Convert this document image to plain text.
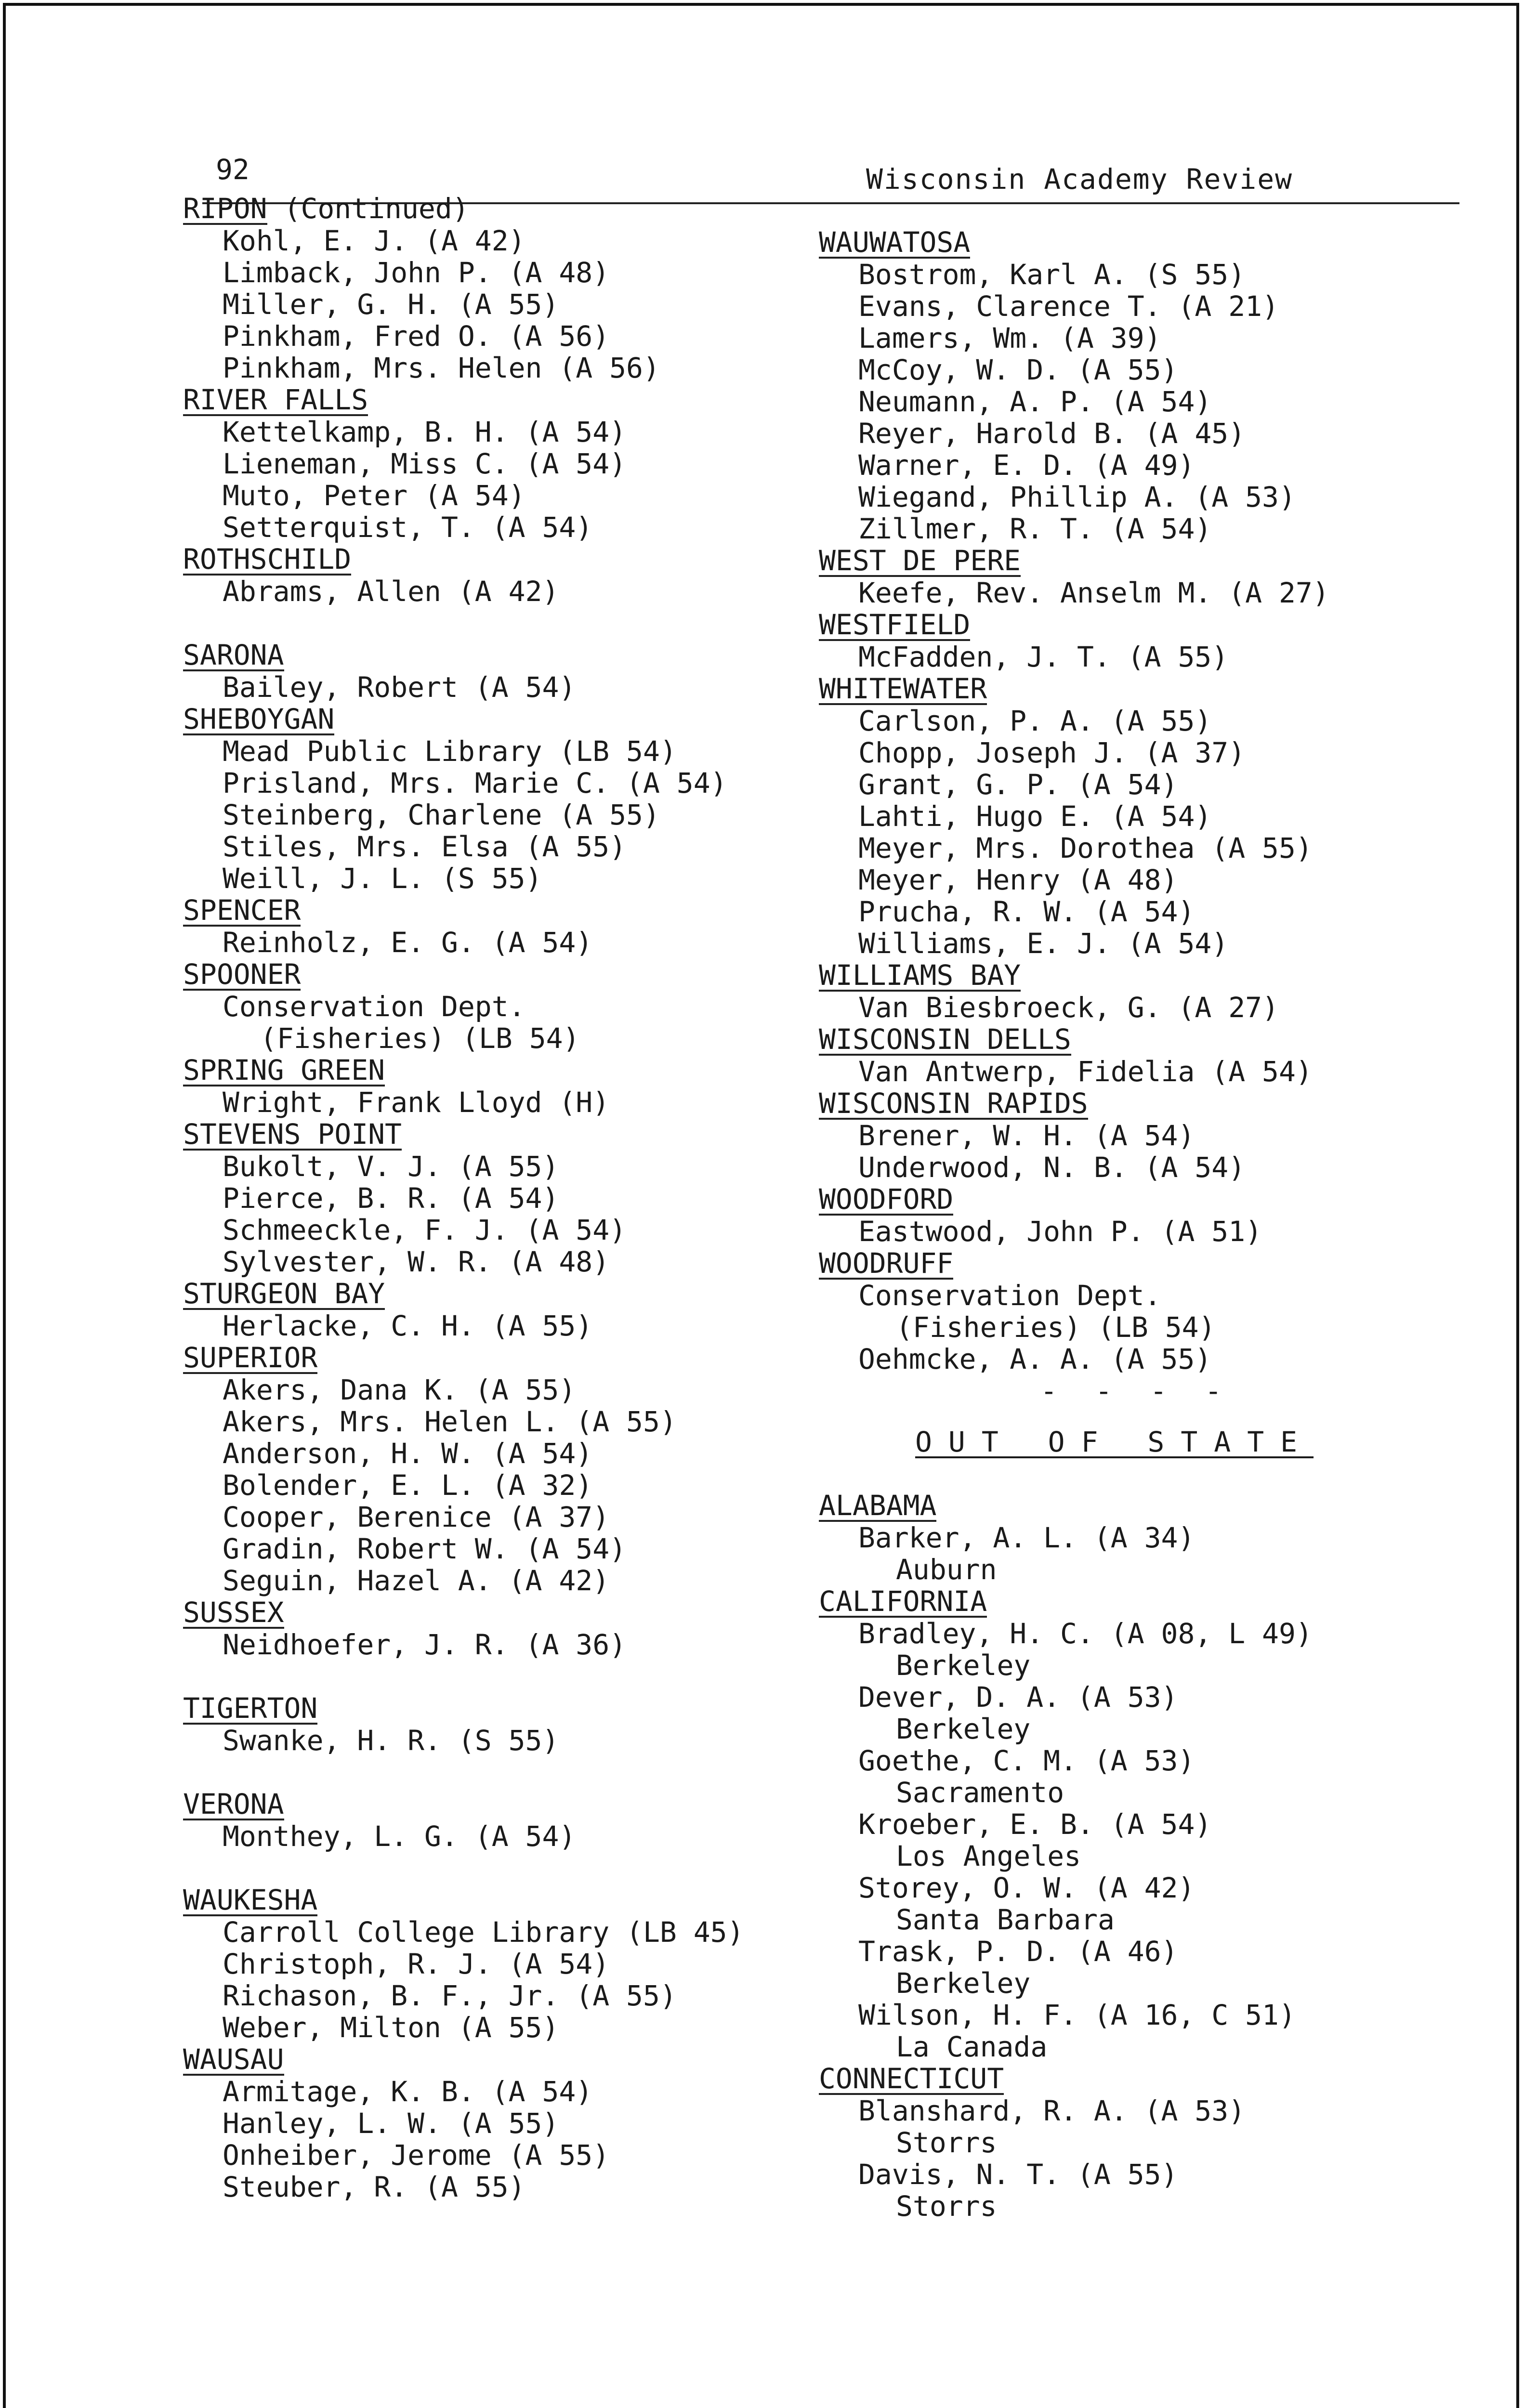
92	Wisconsin Academy Review
RIPON (Continued)
Kohl, E. J. (A 42)
Limback, John P. (A 48)
Miller, G. H. (A 55)
Pinkham, Fred O. (A 56)
Pinkham, Mrs. Helen (A 56)
RIVER FALLS
Kettelkamp, B. H. (A 54)
Lieneman, Miss C. (A 54)
Muto, Peter (A 54)
Setterquist, T. (A 54)
ROTHSCHILD
Abrams, Allen (A 42)
SARONA
Bailey, Robert (A 54)
SHEBOYGAN
Mead Public Library (LB 54)
Prisland, Mrs. Marie C. (A 54)
Steinberg, Charlene (A 55)
Stiles, Mrs. Elsa (A 55)
Weill, J. L. (S 55)
SPENCER
Reinholz, E. G. (A 54)
SPOONER
Conservation Dept.
(Fisheries) (LB 54)
SPRING GREEN
Wright, Frank Lloyd (H)
STEVENS POINT
Bukolt, V. J. (A 55)
Pierce, B. R. (A 54)
Schmeeckle, F. J. (A 54)
Sylvester, W. R. (A 48)
STURGEON BAY
Herlacke, C. H. (A 55)
SUPERIOR
Akers, Dana K. (A 55)
Akers, Mrs. Helen L. (A 55)
Anderson, H. W. (A 54)
Bolender, E. L. (A 32)
Cooper, Berenice (A 37)
Gradin, Robert W. (A 54)
Seguin, Hazel A. (A 42)
SUSSEX
Neidhoefer, J. R. (A 36)
TIGERTON
Swanke, H. R. (S 55)
VERONA
Monthey, L. G. (A 54)
WAUKESHA
Carroll College Library (LB 45)
Christoph, R. J. (A 54)
Richason, B. F., Jr. (A 55)
Weber, Milton (A 55)
WAUSAU
Armitage, K. B. (A 54)
Hanley, L. W. (A 55)
Onheiber, Jerome (A 55)
Steuber, R. (A 55)
WAUWATOSA
Bostrom, Karl A. (S 55)
Evans, Clarence T. (A 21)
Lamers, Wm. (A 39)
McCoy, W. D. (A 55)
Neumann, A. P. (A 54)
Reyer, Harold B. (A 45)
Warner, E. D. (A 49)
Wiegand, Phillip A. (A 53)
Zillmer, R. T. (A 54)
WEST DE PERE
Keefe, Rev. Anselm M. (A 27)
WESTFIELD
McFadden, J. T. (A 55)
WHITEWATER
Carlson, P. A. (A 55)
Chopp, Joseph J. (A 37)
Grant, G. P. (A 54)
Lahti, Hugo E. (A 54)
Meyer, Mrs. Dorothea (A 55)
Meyer, Henry (A 48)
Prucha, R. W. (A 54)
Williams, E. J. (A 54)
WILLIAMS BAY
Van Biesbroeck, G. (A 27)
WISCONSIN DELLS
Van Antwerp, Fidelia (A 54)
WISCONSIN RAPIDS
Brener, W. H. (A 54)
Underwood, N. B. (A 54)
WOODFORD
Eastwood, John P. (A 51)
WOODRUFF
Conservation Dept.
(Fisheries) (LB 54)
Oehmcke, A. A. (A 55)
- - - -
OUT OF STATE
ALABAMA
Barker, A. L. (A 34)
Auburn
CALIFORNIA
Bradley, H. C. (A 08, L 49)
Berkeley
Dever, D. A. (A 53)
Berkeley
Goethe, C. M. (A 53)
Sacramento
Kroeber, E. B. (A 54)
Los Angeles
Storey, O. W. (A 42)
Santa Barbara
Trask, P. D. (A 46)
Berkeley
Wilson, H. F. (A 16, C 51)
La Canada
CONNECTICUT
Blanshard, R. A. (A 53)
Storrs
Davis, N. T. (A 55)
Storrs
